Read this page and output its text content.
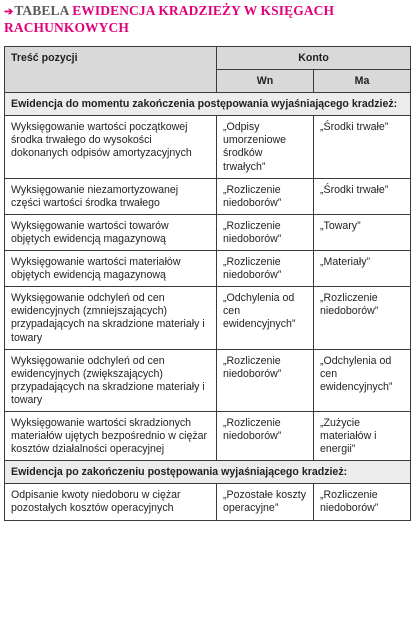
➔TABELA EWIDENCJA KRADZIEŻY W KSIĘGACH RACHUNKOWYCH
Treść pozycji	Konto	
	Wn	Ma
Ewidencja do momentu zakończenia postępowania wyjaśniającego kradzież:		
Wyksięgowanie wartości początkowej środka trwałego do wysokości dokonanych odpisów amortyzacyjnych	„Odpisy umorzeniowe środków trwałych”	„Środki trwałe”
Wyksięgowanie niezamortyzowanej części wartości środka trwałego	„Rozliczenie niedoborów”	„Środki trwałe”
Wyksięgowanie wartości towarów objętych ewidencją magazynową	„Rozliczenie niedoborów”	„Towary”
Wyksięgowanie wartości materiałów objętych ewidencją magazynową	„Rozliczenie niedoborów”	„Materiały”
Wyksięgowanie odchyleń od cen ewidencyjnych (zmniejszających) przypadających na skradzione materiały i towary	„Odchylenia od cen ewidencyjnych”	„Rozliczenie niedoborów”
Wyksięgowanie odchyleń od cen ewidencyjnych (zwiększających) przypadających na skradzione materiały i towary	„Rozliczenie niedoborów”	„Odchylenia od cen ewidencyjnych”
Wyksięgowanie wartości skradzionych materiałów ujętych bezpośrednio w ciężar kosztów działalności operacyjnej	„Rozliczenie niedoborów”	„Zużycie materiałów i energii”
Ewidencja po zakończeniu postępowania wyjaśniającego kradzież:		
Odpisanie kwoty niedoboru w ciężar pozostałych kosztów operacyjnych	„Pozostałe koszty operacyjne”	„Rozliczenie niedoborów”
